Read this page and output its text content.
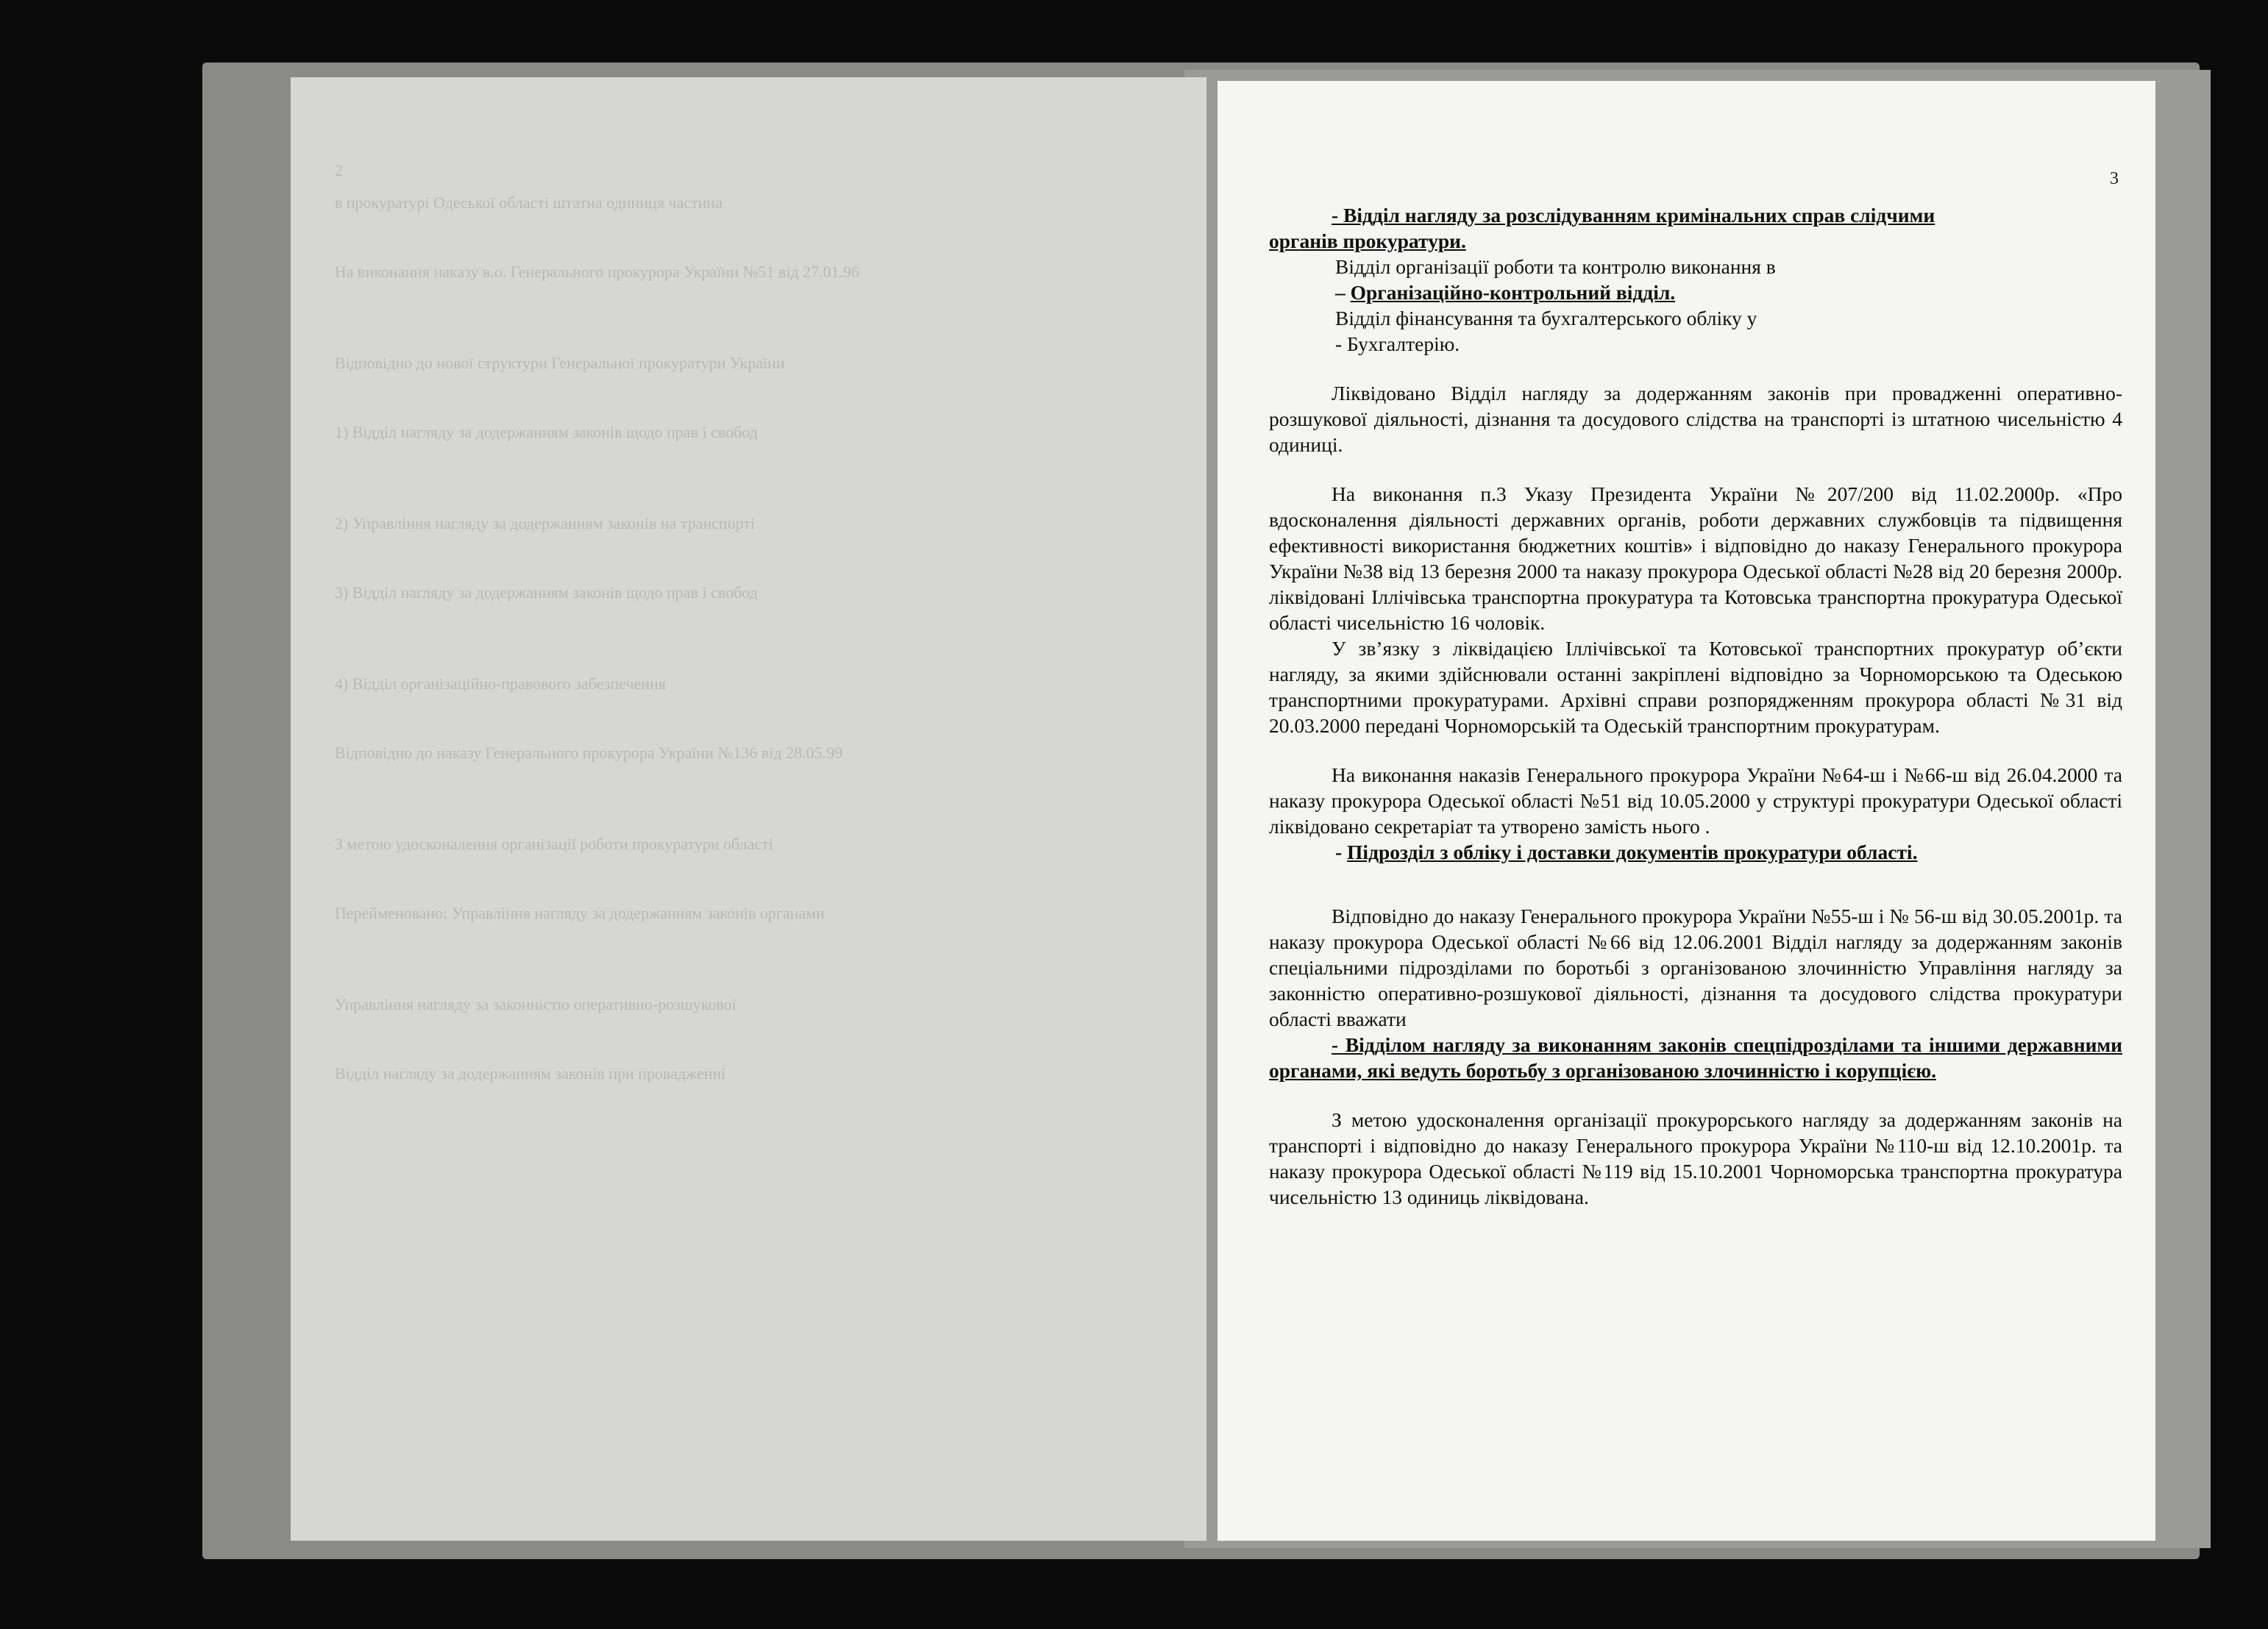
2
в прокуратурі Одеської області штатна одиниця частина
На виконання наказу в.о. Генерального прокурора України №51 від 27.01.96
Відповідно до нової структури Генеральної прокуратури України
1) Відділ нагляду за додержанням законів щодо прав і свобод
2) Управління нагляду за додержанням законів на транспорті
3) Відділ нагляду за додержанням законів щодо прав і свобод
4) Відділ організаційно-правового забезпечення
Відповідно до наказу Генерального прокурора України №136 від 28.05.99
З метою удосконалення організації роботи прокуратури області
Перейменовано: Управління нагляду за додержанням законів органами
Управління нагляду за законністю оперативно-розшукової
Відділ нагляду за додержанням законів при провадженні
3

- Відділ нагляду за розслідуванням кримінальних справ слідчими

органів прокуратури.

Відділ організації роботи та контролю виконання в

– Організаційно-контрольний відділ.

Відділ фінансування та бухгалтерського обліку у

- Бухгалтерію.

Ліквідовано Відділ нагляду за додержанням законів при провадженні оперативно-розшукової діяльності, дізнання та досудового слідства на транспорті із штатною чисельністю 4 одиниці.

На виконання п.3 Указу Президента України №207/200 від 11.02.2000р. «Про вдосконалення діяльності державних органів, роботи державних службовців та підвищення ефективності використання бюджетних коштів» і відповідно до наказу Генерального прокурора України №38 від 13 березня 2000 та наказу прокурора Одеської області №28 від 20 березня 2000р. ліквідовані Іллічівська транспортна прокуратура та Котовська транспортна прокуратура Одеської області чисельністю 16 чоловік.

У зв’язку з ліквідацією Іллічівської та Котовської транспортних прокуратур об’єкти нагляду, за якими здійснювали останні закріплені відповідно за Чорноморською та Одеською транспортними прокуратурами. Архівні справи розпорядженням прокурора області №31 від 20.03.2000 передані Чорноморській та Одеській транспортним прокуратурам.

На виконання наказів Генерального прокурора України №64-ш і №66-ш від 26.04.2000 та наказу прокурора Одеської області №51 від 10.05.2000 у структурі прокуратури Одеської області ліквідовано секретаріат та утворено замість нього .

- Підрозділ з обліку і доставки документів прокуратури області.

Відповідно до наказу Генерального прокурора України №55-ш і № 56-ш від 30.05.2001р. та наказу прокурора Одеської області №66 від 12.06.2001 Відділ нагляду за додержанням законів спеціальними підрозділами по боротьбі з організованою злочинністю Управління нагляду за законністю оперативно-розшукової діяльності, дізнання та досудового слідства прокуратури області вважати

- Відділом нагляду за виконанням законів спецпідрозділами та іншими державними органами, які ведуть боротьбу з організованою злочинністю і корупцією.

З метою удосконалення організації прокурорського нагляду за додержанням законів на транспорті і відповідно до наказу Генерального прокурора України №110-ш від 12.10.2001р. та наказу прокурора Одеської області №119 від 15.10.2001 Чорноморська транспортна прокуратура чисельністю 13 одиниць ліквідована.
